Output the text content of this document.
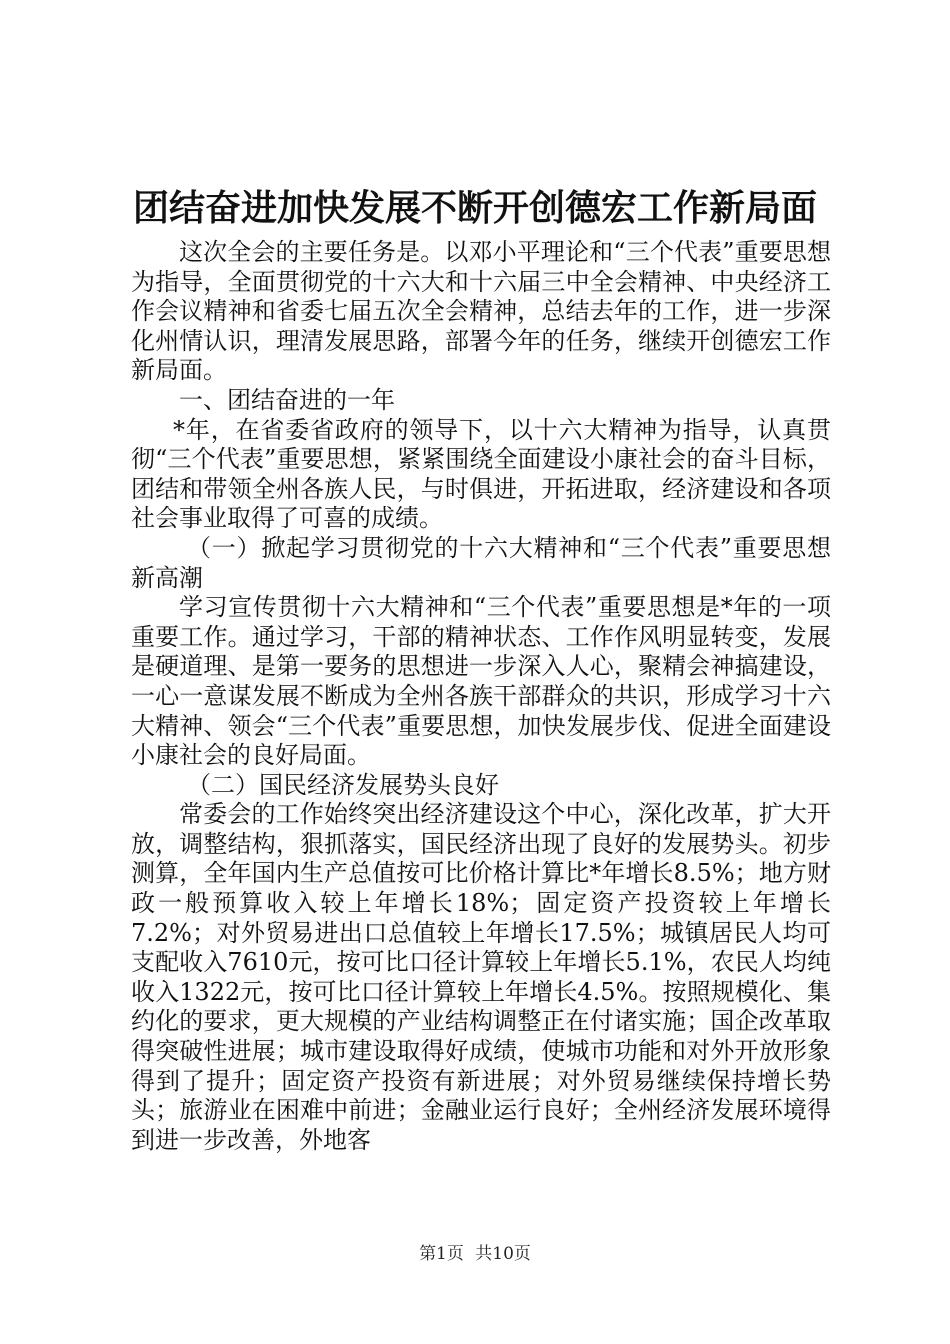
团结奋进加快发展不断开创德宏工作新局面

这次全会的主要任务是。以邓小平理论和“三个代表”重要思想为指导，全面贯彻党的十六大和十六届三中全会精神、中央经济工作会议精神和省委七届五次全会精神，总结去年的工作，进一步深化州情认识，理清发展思路，部署今年的任务，继续开创德宏工作新局面。

一、团结奋进的一年

*年，在省委省政府的领导下，以十六大精神为指导，认真贯彻“三个代表”重要思想，紧紧围绕全面建设小康社会的奋斗目标，团结和带领全州各族人民，与时俱进，开拓进取，经济建设和各项社会事业取得了可喜的成绩。

（一）掀起学习贯彻党的十六大精神和“三个代表”重要思想新高潮

学习宣传贯彻十六大精神和“三个代表”重要思想是*年的一项重要工作。通过学习，干部的精神状态、工作作风明显转变，发展是硬道理、是第一要务的思想进一步深入人心，聚精会神搞建设，一心一意谋发展不断成为全州各族干部群众的共识，形成学习十六大精神、领会“三个代表”重要思想，加快发展步伐、促进全面建设小康社会的良好局面。

（二）国民经济发展势头良好

常委会的工作始终突出经济建设这个中心，深化改革，扩大开放，调整结构，狠抓落实，国民经济出现了良好的发展势头。初步测算，全年国内生产总值按可比价格计算比*年增长8.5%；地方财政一般预算收入较上年增长18%；固定资产投资较上年增长7.2%；对外贸易进出口总值较上年增长17.5%；城镇居民人均可支配收入7610元，按可比口径计算较上年增长5.1%，农民人均纯收入1322元，按可比口径计算较上年增长4.5%。按照规模化、集约化的要求，更大规模的产业结构调整正在付诸实施；国企改革取得突破性进展；城市建设取得好成绩，使城市功能和对外开放形象得到了提升；固定资产投资有新进展；对外贸易继续保持增长势头；旅游业在困难中前进；金融业运行良好；全州经济发展环境得到进一步改善，外地客

第1页 共10页
